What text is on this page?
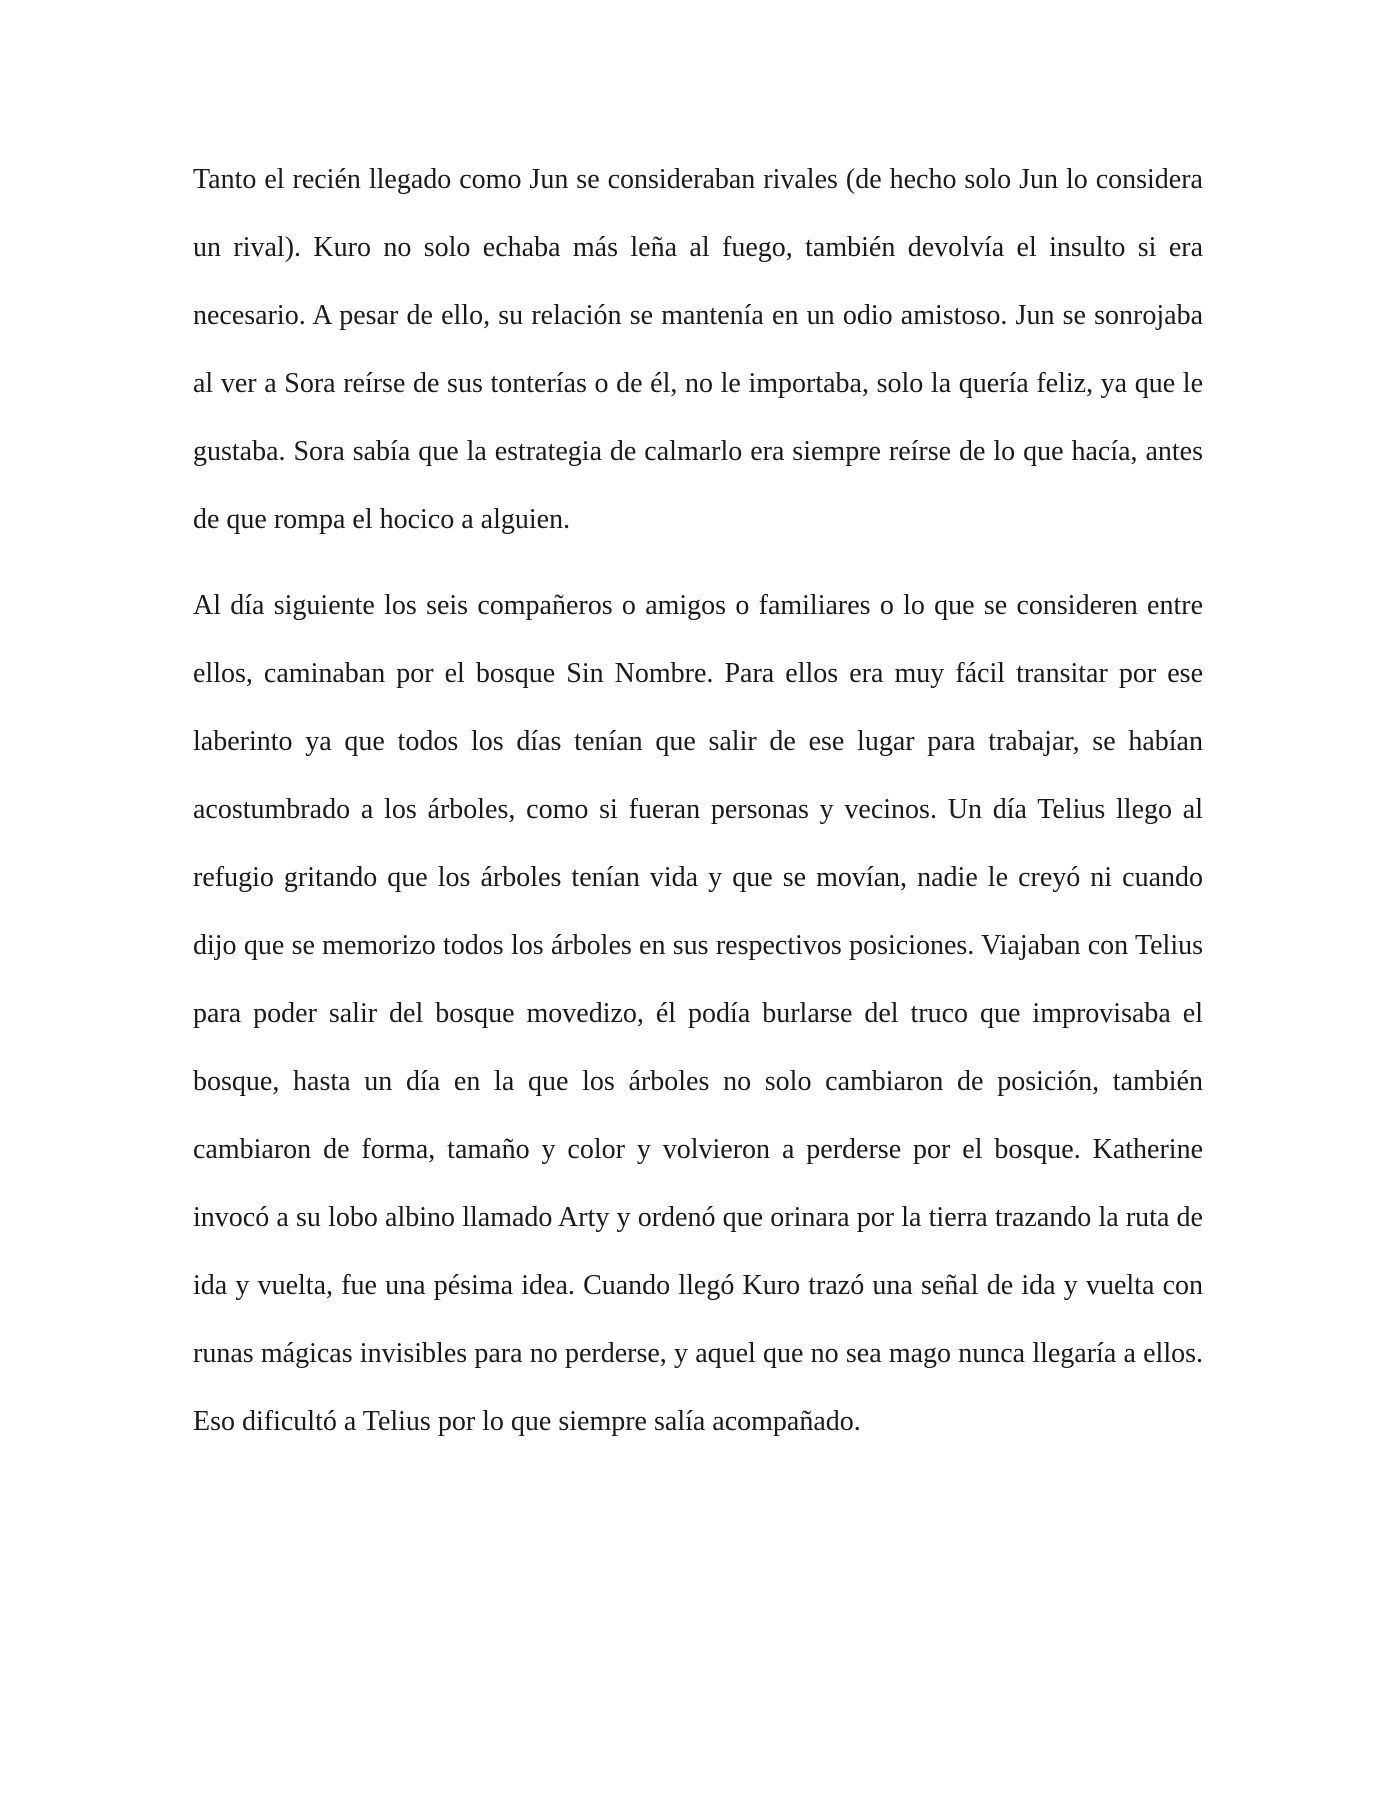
Tanto el recién llegado como Jun se consideraban rivales (de hecho solo Jun lo considera un rival). Kuro no solo echaba más leña al fuego, también devolvía el insulto si era necesario. A pesar de ello, su relación se mantenía en un odio amistoso. Jun se sonrojaba al ver a Sora reírse de sus tonterías o de él, no le importaba, solo la quería feliz, ya que le gustaba. Sora sabía que la estrategia de calmarlo era siempre reírse de lo que hacía, antes de que rompa el hocico a alguien.

Al día siguiente los seis compañeros o amigos o familiares o lo que se consideren entre ellos, caminaban por el bosque Sin Nombre. Para ellos era muy fácil transitar por ese laberinto ya que todos los días tenían que salir de ese lugar para trabajar, se habían acostumbrado a los árboles, como si fueran personas y vecinos. Un día Telius llego al refugio gritando que los árboles tenían vida y que se movían, nadie le creyó ni cuando dijo que se memorizo todos los árboles en sus respectivos posiciones. Viajaban con Telius para poder salir del bosque movedizo, él podía burlarse del truco que improvisaba el bosque, hasta un día en la que los árboles no solo cambiaron de posición, también cambiaron de forma, tamaño y color y volvieron a perderse por el bosque. Katherine invocó a su lobo albino llamado Arty y ordenó que orinara por la tierra trazando la ruta de ida y vuelta, fue una pésima idea. Cuando llegó Kuro trazó una señal de ida y vuelta con runas mágicas invisibles para no perderse, y aquel que no sea mago nunca llegaría a ellos. Eso dificultó a Telius por lo que siempre salía acompañado.
